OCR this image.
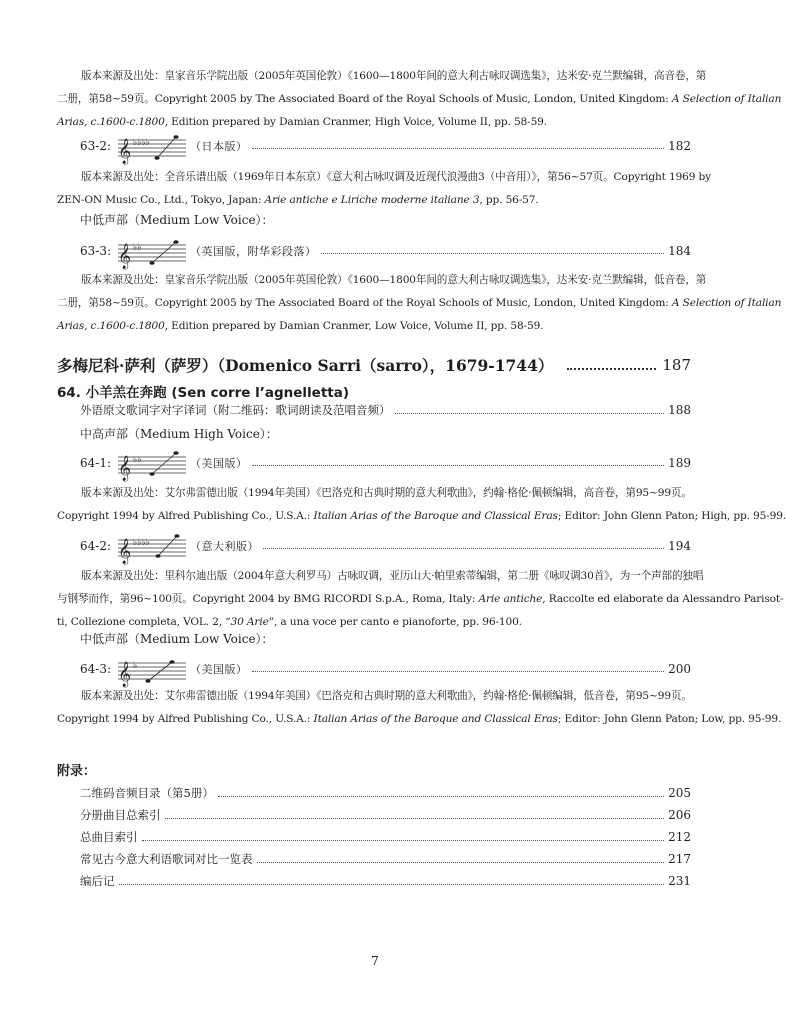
版本来源及出处：皇家音乐学院出版（2005年英国伦敦）《1600—1800年间的意大利古咏叹调选集》，达米安·克兰默编辑，高音卷，第
二册，第58~59页。Copyright 2005 by The Associated Board of the Royal Schools of Music, London, United Kingdom: A Selection of Italian
Arias, c.1600-c.1800, Edition prepared by Damian Cranmer, High Voice, Volume II, pp. 58-59.
63-2: 𝄞 ♭♭♭♭	（日本版）	182
版本来源及出处：全音乐谱出版（1969年日本东京）《意大利古咏叹调及近现代浪漫曲3（中音用）》，第56~57页。Copyright 1969 by
ZEN-ON Music Co., Ltd., Tokyo, Japan: Arie antiche e Liriche moderne italiane 3, pp. 56-57.
中低声部（Medium Low Voice）：
63-3: 𝄞 ♭♭	（英国版，附华彩段落）	184
版本来源及出处：皇家音乐学院出版（2005年英国伦敦）《1600—1800年间的意大利古咏叹调选集》，达米安·克兰默编辑，低音卷，第
二册，第58~59页。Copyright 2005 by The Associated Board of the Royal Schools of Music, London, United Kingdom: A Selection of Italian
Arias, c.1600-c.1800, Edition prepared by Damian Cranmer, Low Voice, Volume II, pp. 58-59.
多梅尼科·萨利（萨罗）（Domenico Sarri（sarro），1679-1744）	187
64. 小羊羔在奔跑 (Sen corre l’agnelletta)
外语原文歌词字对字译词（附二维码：歌词朗读及范唱音频）	188
中高声部（Medium High Voice）：
64-1: 𝄞 ♭♭	（美国版）	189
版本来源及出处：艾尔弗雷德出版（1994年美国）《巴洛克和古典时期的意大利歌曲》，约翰·格伦·佩顿编辑，高音卷，第95~99页。
Copyright 1994 by Alfred Publishing Co., U.S.A.: Italian Arias of the Baroque and Classical Eras; Editor: John Glenn Paton; High, pp. 95-99.
64-2: 𝄞 ♭♭♭♭	（意大利版）	194
版本来源及出处：里科尔迪出版（2004年意大利罗马）古咏叹调，亚历山大·帕里索蒂编辑，第二册《咏叹调30首》，为一个声部的独唱
与钢琴而作，第96~100页。Copyright 2004 by BMG RICORDI S.p.A., Roma, Italy: Arie antiche, Raccolte ed elaborate da Alessandro Parisot-
ti, Collezione completa, VOL. 2, “30 Arie”, a una voce per canto e pianoforte, pp. 96-100.
中低声部（Medium Low Voice）：
64-3: 𝄞 ♭	（美国版）	200
版本来源及出处：艾尔弗雷德出版（1994年美国）《巴洛克和古典时期的意大利歌曲》，约翰·格伦·佩顿编辑，低音卷，第95~99页。
Copyright 1994 by Alfred Publishing Co., U.S.A.: Italian Arias of the Baroque and Classical Eras; Editor: John Glenn Paton; Low, pp. 95-99.
附录：
二维码音频目录（第5册）	205
分册曲目总索引	206
总曲目索引	212
常见古今意大利语歌词对比一览表	217
编后记	231
7
